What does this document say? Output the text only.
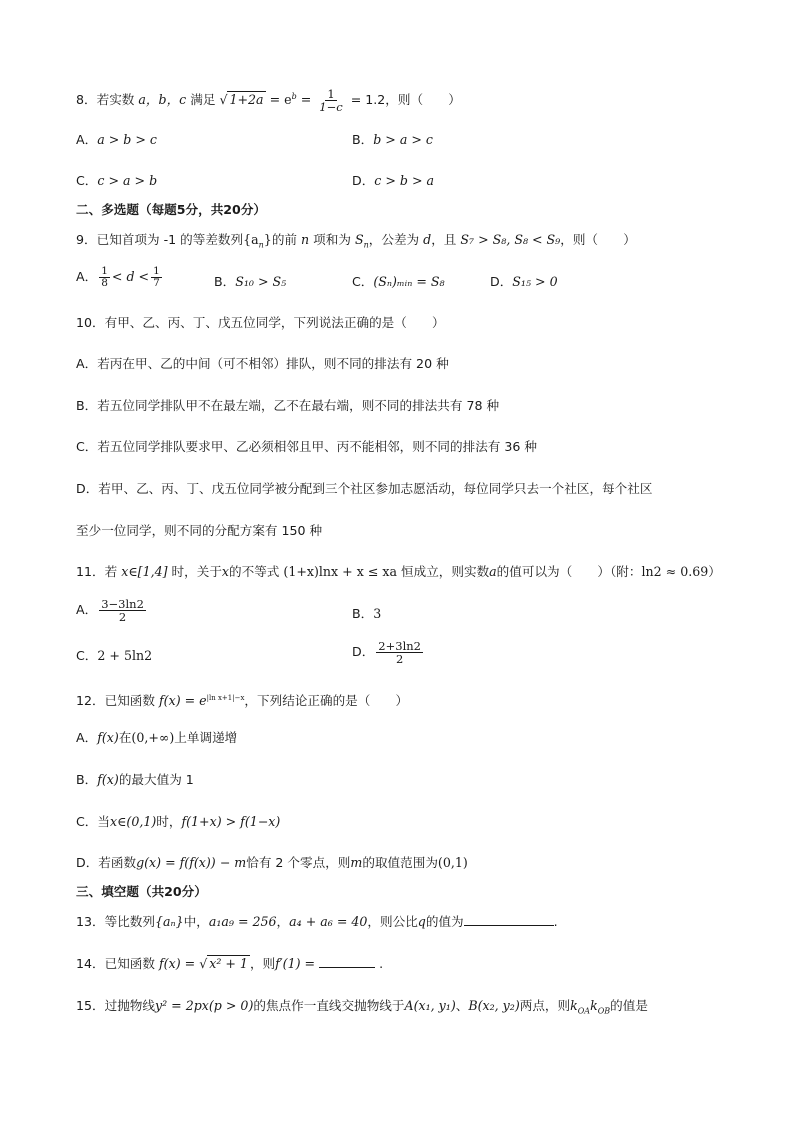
8．若实数 a，b，c 满足 √ $1+2a = e^b = \frac{1}{1-c} = 1.2$，则（　　）
A．a > b > c	B．b > a > c
C．c > a > b	D．c > b > a
二、多选题（每题5分，共20分）
9．已知首项为 -1 的等差数列$\{a_n\}$的前 n 项和为 $S_n$，公差为 d，且 S₇ > S₈, S₈ < S₉，则（　　）
A． $\frac{1}{8} < d < \frac{1}{7}$	B．S₁₀ > S₅	C．(Sₙ)ₘᵢₙ = S₈	D．S₁₅ > 0
10．有甲、乙、丙、丁、戊五位同学，下列说法正确的是（　　）
A．若丙在甲、乙的中间（可不相邻）排队，则不同的排法有 20 种
B．若五位同学排队甲不在最左端，乙不在最右端，则不同的排法共有 78 种
C．若五位同学排队要求甲、乙必须相邻且甲、丙不能相邻，则不同的排法有 36 种
D．若甲、乙、丙、丁、戊五位同学被分配到三个社区参加志愿活动，每位同学只去一个社区，每个社区
至少一位同学，则不同的分配方案有 150 种
11．若 x∈[1,4] 时，关于x的不等式 (1+x)lnx + x ≤ xa 恒成立，则实数a的值可以为（　　）（附：ln2 ≈ 0.69）
A． $\frac{3-3\ln 2}{2}$	B．3
C．2 + 5ln2	D． $\frac{2+3\ln 2}{2}$
12．已知函数 $f(x) = e^{|ln x+1|-x}$，下列结论正确的是（　　）
A．f(x)在(0,+∞)上单调递增
B．f(x)的最大值为 1
C．当x∈(0,1)时，f(1+x) > f(1−x)
D．若函数g(x) = f(f(x)) − m恰有 2 个零点，则m的取值范围为(0,1)
三、填空题（共20分）
13．等比数列{aₙ}中，a₁a₉ = 256，a₄ + a₆ = 40，则公比q的值为	.
14．已知函数 f(x) = √ x² + 1 ，则f′(1) =	.
15．过抛物线y² = 2px(p > 0)的焦点作一直线交抛物线于A(x₁, y₁)、B(x₂, y₂)两点，则$k_{OA}k_{OB}$的值是
